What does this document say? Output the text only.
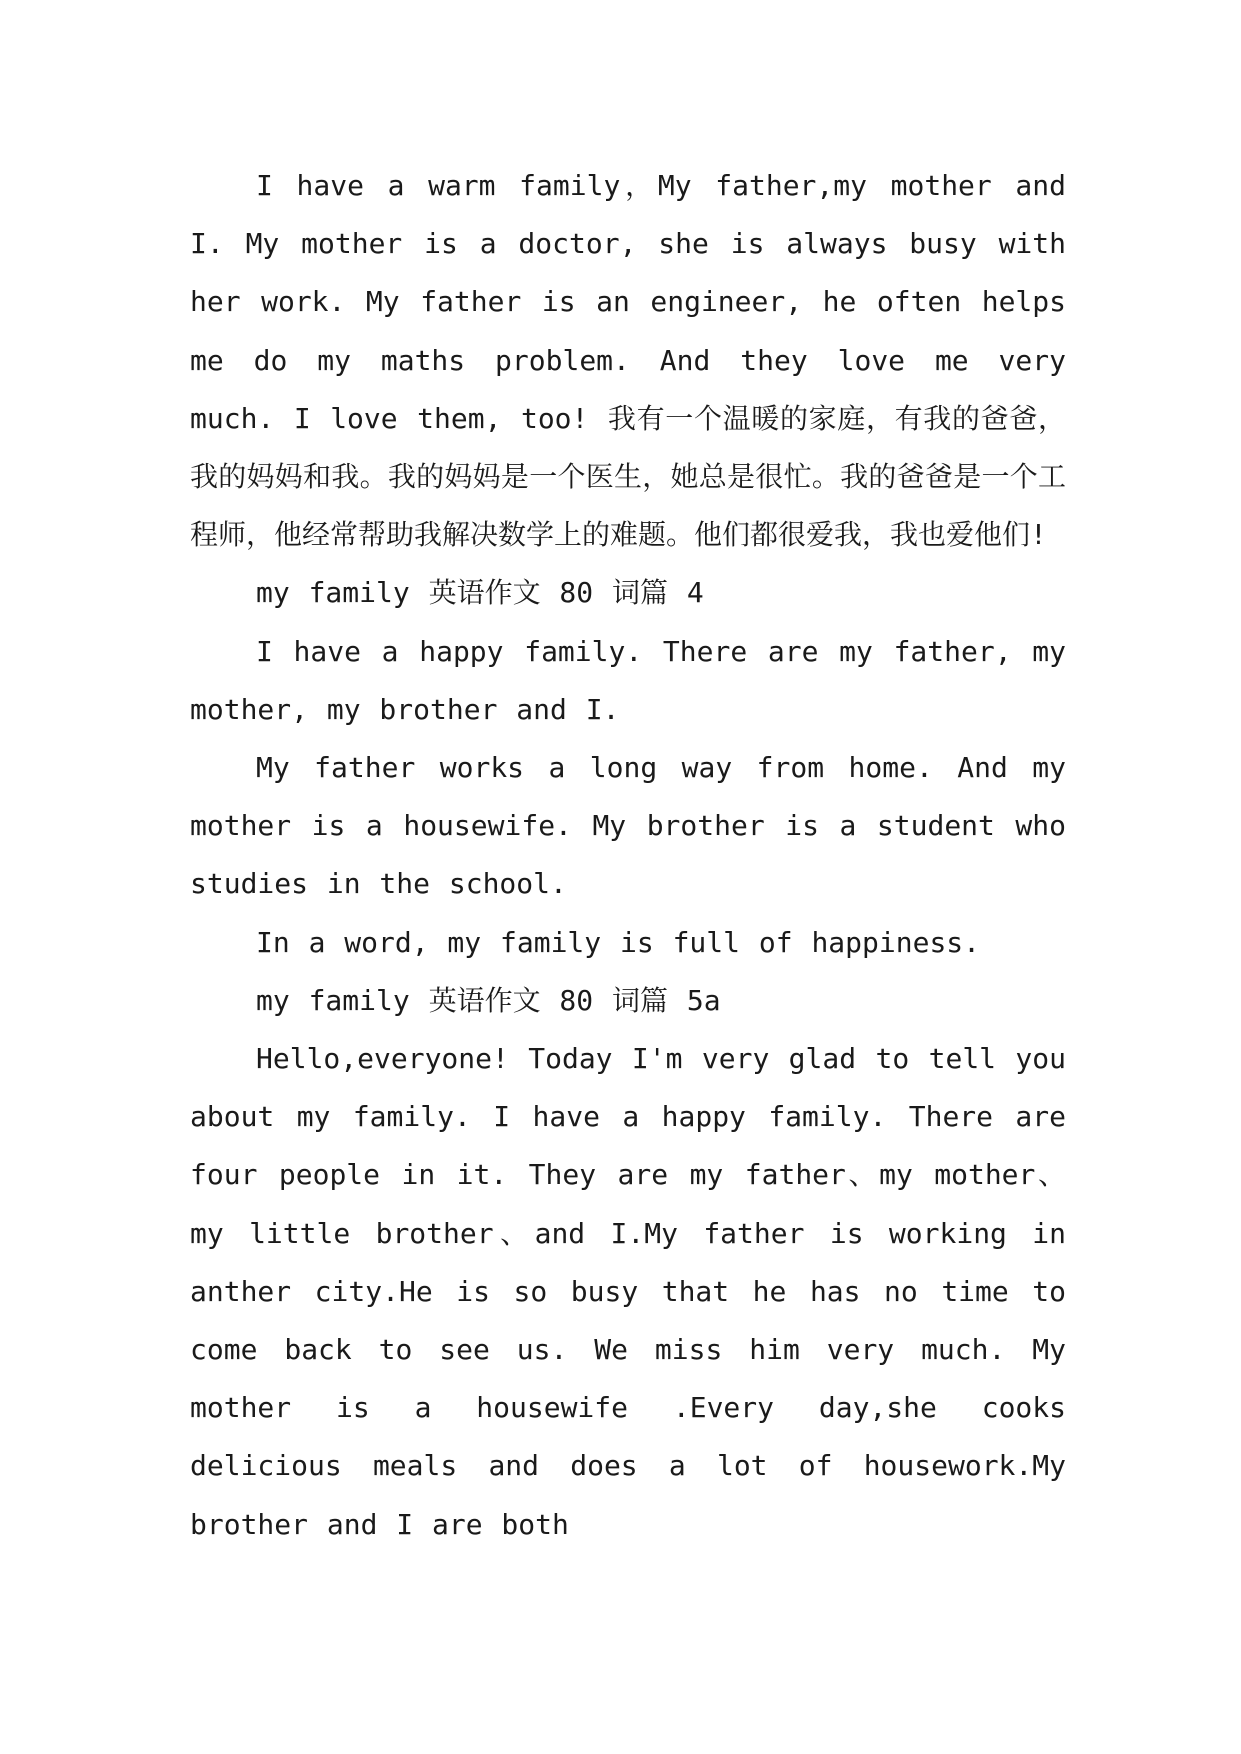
I have a warm family，My father,my mother and I. My mother is a doctor, she is always busy with her work. My father is an engineer, he often helps me do my maths problem. And they love me very much. I love them, too! 我有一个温暖的家庭，有我的爸爸，我的妈妈和我。我的妈妈是一个医生，她总是很忙。我的爸爸是一个工程师，他经常帮助我解决数学上的难题。他们都很爱我，我也爱他们!

my family 英语作文 80 词篇 4

I have a happy family. There are my father, my mother, my brother and I.

My father works a long way from home. And my mother is a housewife. My brother is a student who studies in the school.

In a word, my family is full of happiness.

my family 英语作文 80 词篇 5a

Hello,everyone! Today I'm very glad to tell you about my family. I have a happy family. There are four people in it. They are my father、my mother、my little brother、and I.My father is working in anther city.He is so busy that he has no time to come back to see us. We miss him very much. My mother is a housewife .Every day,she cooks delicious meals and does a lot of housework.My brother and I are both
